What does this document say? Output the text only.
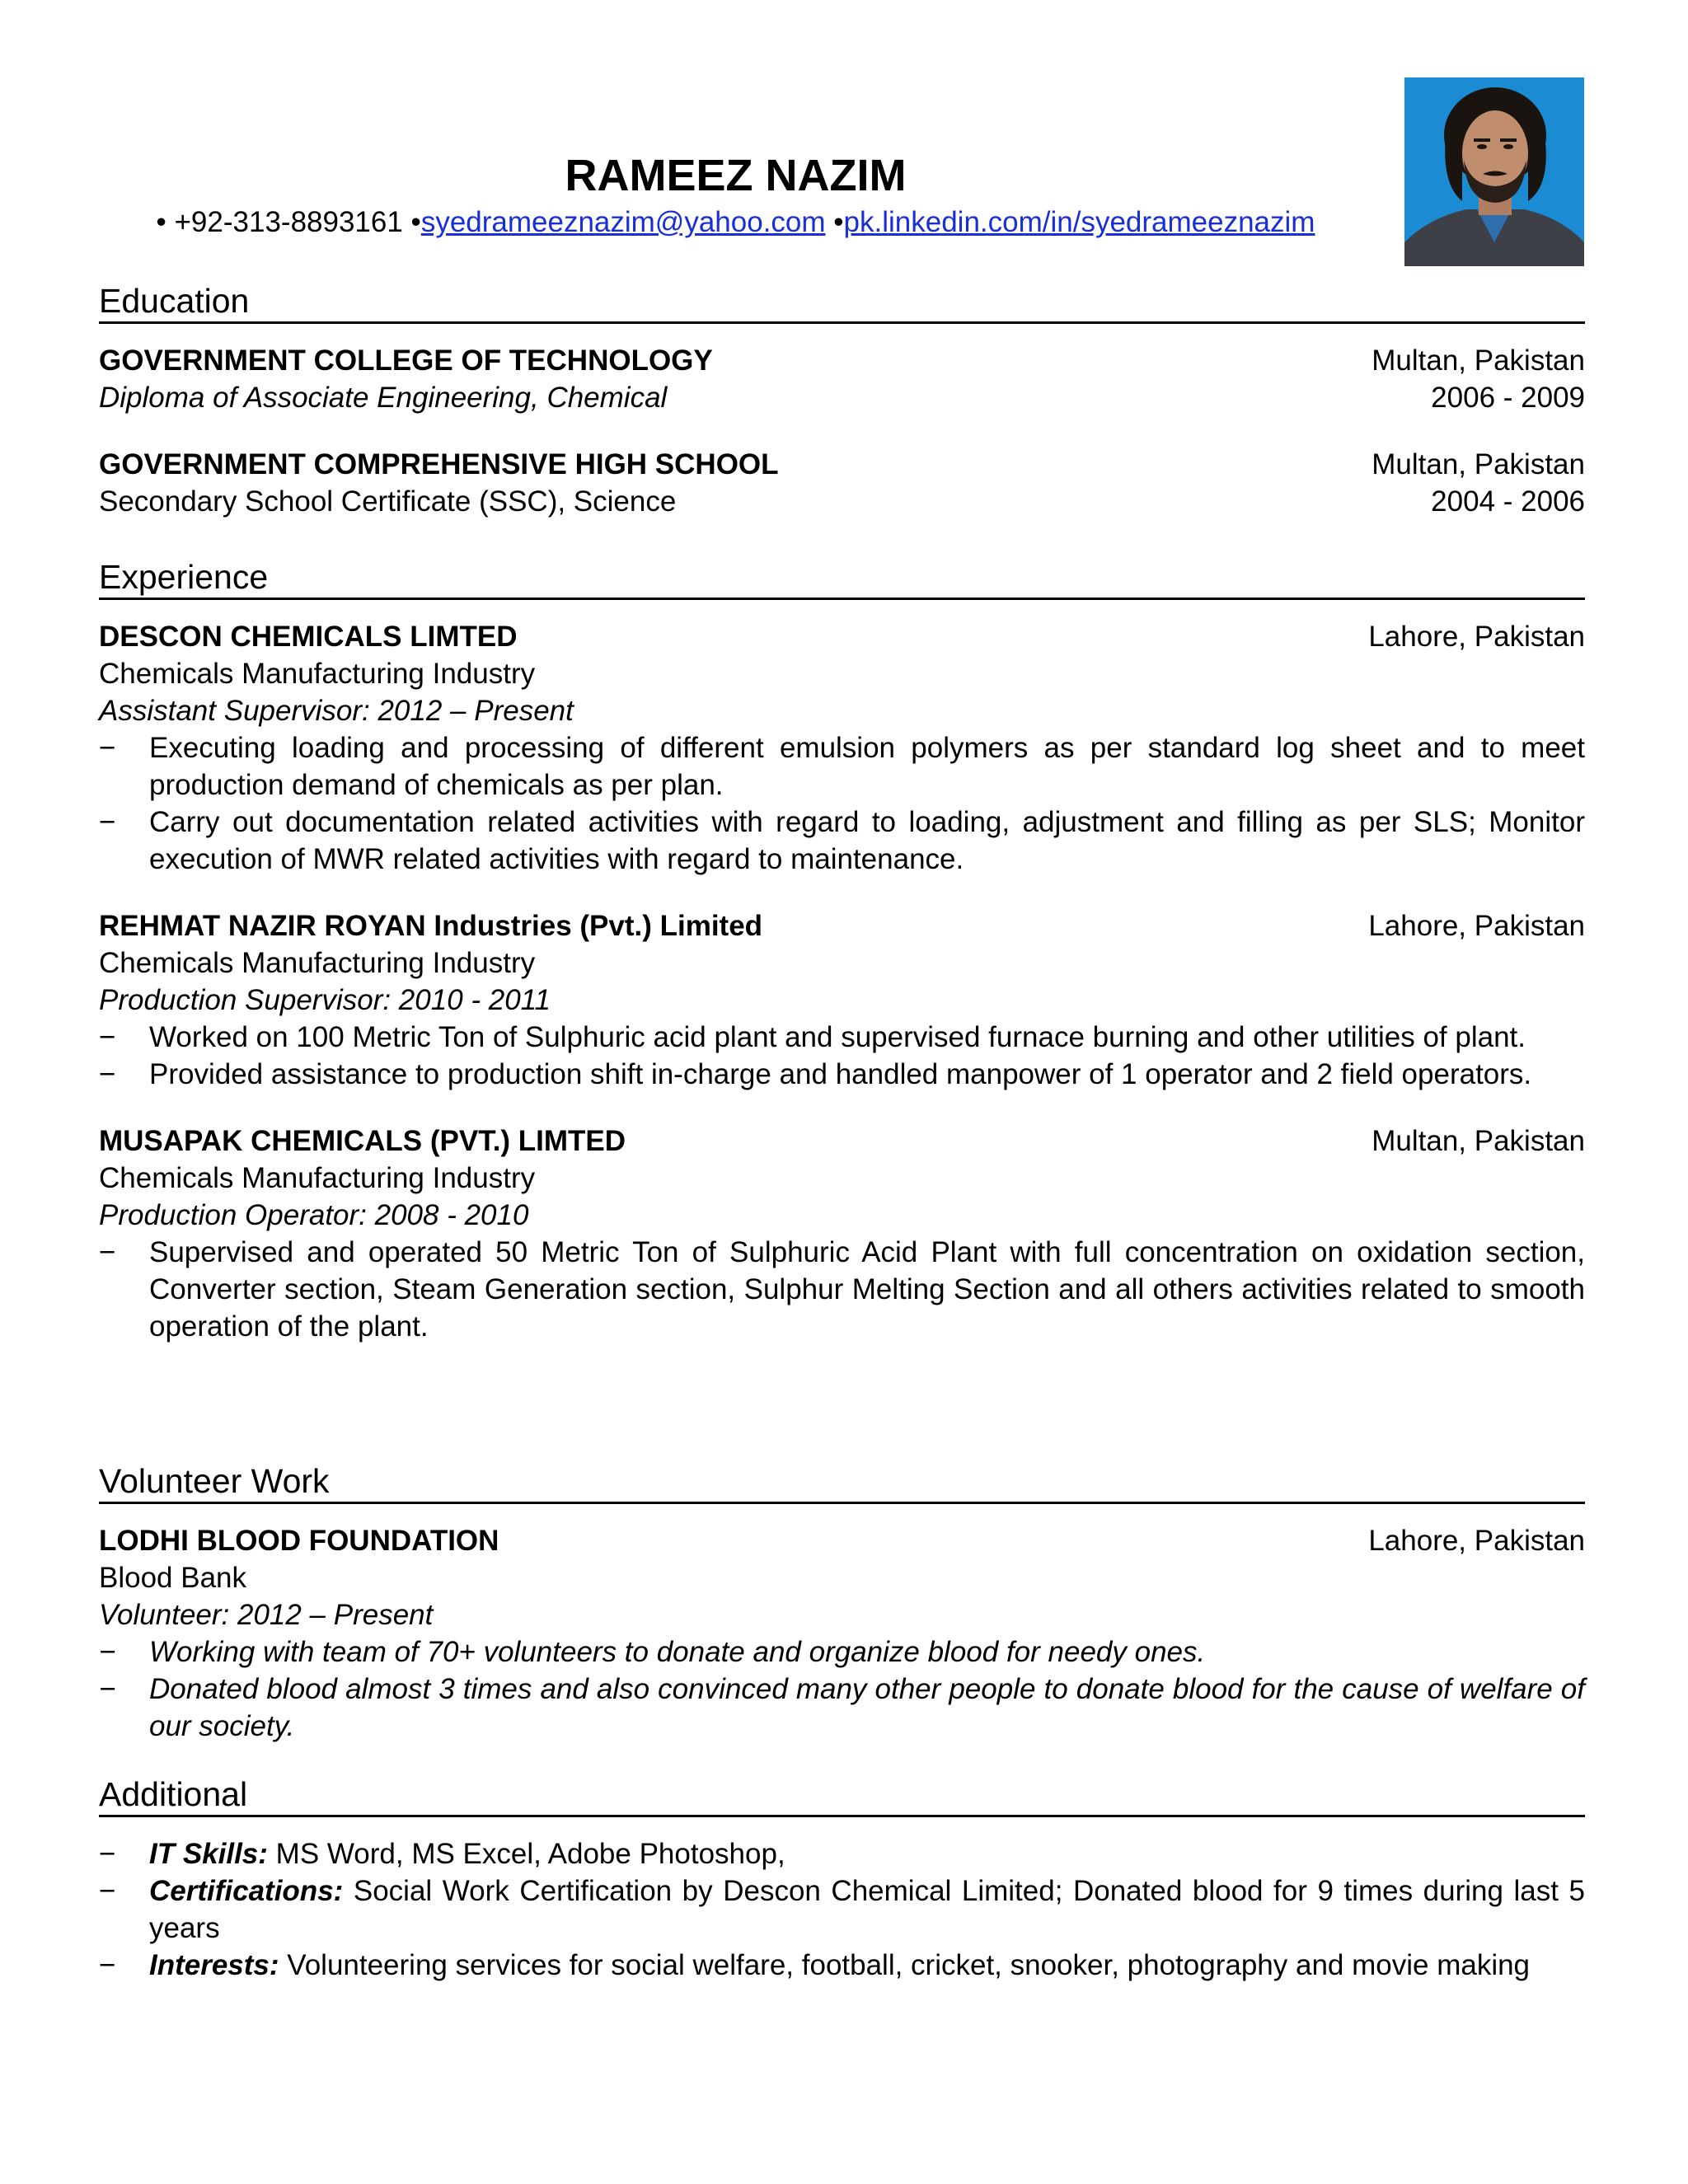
RAMEEZ NAZIM
• +92-313-8893161 •syedrameeznazim@yahoo.com •pk.linkedin.com/in/syedrameeznazim
Education
GOVERNMENT COLLEGE OF TECHNOLOGY	Multan, Pakistan
Diploma of Associate Engineering, Chemical	2006 - 2009
GOVERNMENT COMPREHENSIVE HIGH SCHOOL	Multan, Pakistan
Secondary School Certificate (SSC), Science	2004 - 2006
Experience
DESCON CHEMICALS LIMTED	Lahore, Pakistan
Chemicals Manufacturing Industry
Assistant Supervisor: 2012 – Present
− Executing loading and processing of different emulsion polymers as per standard log sheet and to meet production demand of chemicals as per plan.
− Carry out documentation related activities with regard to loading, adjustment and filling as per SLS; Monitor execution of MWR related activities with regard to maintenance.
REHMAT NAZIR ROYAN Industries (Pvt.) Limited	Lahore, Pakistan
Chemicals Manufacturing Industry
Production Supervisor: 2010 - 2011
− Worked on 100 Metric Ton of Sulphuric acid plant and supervised furnace burning and other utilities of plant.
− Provided assistance to production shift in-charge and handled manpower of 1 operator and 2 field operators.
MUSAPAK CHEMICALS (PVT.) LIMTED	Multan, Pakistan
Chemicals Manufacturing Industry
Production Operator: 2008 - 2010
− Supervised and operated 50 Metric Ton of Sulphuric Acid Plant with full concentration on oxidation section, Converter section, Steam Generation section, Sulphur Melting Section and all others activities related to smooth operation of the plant.
Volunteer Work
LODHI BLOOD FOUNDATION	Lahore, Pakistan
Blood Bank
Volunteer: 2012 – Present
− Working with team of 70+ volunteers to donate and organize blood for needy ones.
− Donated blood almost 3 times and also convinced many other people to donate blood for the cause of welfare of our society.
Additional
− IT Skills: MS Word, MS Excel, Adobe Photoshop,
− Certifications: Social Work Certification by Descon Chemical Limited; Donated blood for 9 times during last 5 years
− Interests: Volunteering services for social welfare, football, cricket, snooker, photography and movie making
